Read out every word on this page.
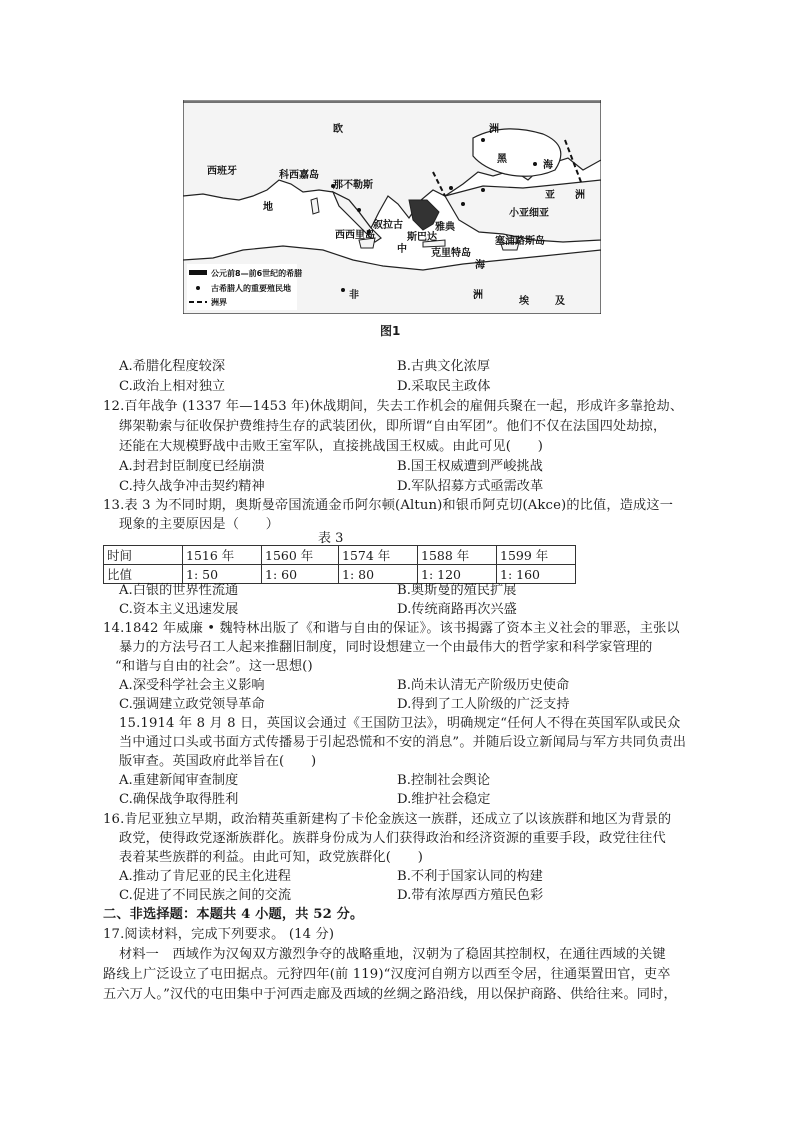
欧	洲
西班牙	科西嘉岛
那不勒斯
黑
海
亚 洲
小亚细亚
地
中
海
叙拉古
西西里岛	斯巴达
雅典
克里特岛
塞浦路斯岛
非	洲
埃	及
公元前8—前6世纪的希腊
古希腊人的重要殖民地
洲界
图1
A.希腊化程度较深	B.古典文化浓厚
C.政治上相对独立	D.采取民主政体
12.百年战争 (1337 年—1453 年)休战期间，失去工作机会的雇佣兵聚在一起，形成许多靠抢劫、
绑架勒索与征收保护费维持生存的武装团伙，即所谓“自由军团”。他们不仅在法国四处劫掠，
还能在大规模野战中击败王室军队，直接挑战国王权威。由此可见(　　)
A.封君封臣制度已经崩溃	B.国王权威遭到严峻挑战
C.持久战争冲击契约精神	D.军队招募方式亟需改革
13.表 3 为不同时期，奥斯曼帝国流通金币阿尔顿(Altun)和银币阿克切(Akce)的比值，造成这一
现象的主要原因是（　　）
表 3
时间	1516 年	1560 年	1574 年	1588 年	1599 年
比值	1: 50	1: 60	1: 80	1: 120	1: 160
A.白银的世界性流通	B.奥斯曼的殖民扩展
C.资本主义迅速发展	D.传统商路再次兴盛
14.1842 年威廉 • 魏特林出版了《和谐与自由的保证》。该书揭露了资本主义社会的罪恶，主张以
暴力的方法号召工人起来推翻旧制度，同时设想建立一个由最伟大的哲学家和科学家管理的
“和谐与自由的社会”。这一思想()
A.深受科学社会主义影响	B.尚未认清无产阶级历史使命
C.强调建立政党领导革命	D.得到了工人阶级的广泛支持
15.1914 年 8 月 8 日，英国议会通过《王国防卫法》，明确规定“任何人不得在英国军队或民众
当中通过口头或书面方式传播易于引起恐慌和不安的消息”。并随后设立新闻局与军方共同负责出
版审查。英国政府此举旨在(　　)
A.重建新闻审查制度	B.控制社会舆论
C.确保战争取得胜利	D.维护社会稳定
16.肯尼亚独立早期，政治精英重新建构了卡伦金族这一族群，还成立了以该族群和地区为背景的
政党，使得政党逐渐族群化。族群身份成为人们获得政治和经济资源的重要手段，政党往往代
表着某些族群的利益。由此可知，政党族群化(　　)
A.推动了肯尼亚的民主化进程	B.不利于国家认同的构建
C.促进了不同民族之间的交流	D.带有浓厚西方殖民色彩
二、非选择题：本题共 4 小题，共 52 分。
17.阅读材料，完成下列要求。 (14 分)
材料一　西域作为汉匈双方激烈争夺的战略重地，汉朝为了稳固其控制权，在通往西域的关键
路线上广泛设立了屯田据点。元狩四年(前 119)“汉度河自朔方以西至令居，往通渠置田官，吏卒
五六万人。”汉代的屯田集中于河西走廊及西域的丝绸之路沿线，用以保护商路、供给往来。同时，
